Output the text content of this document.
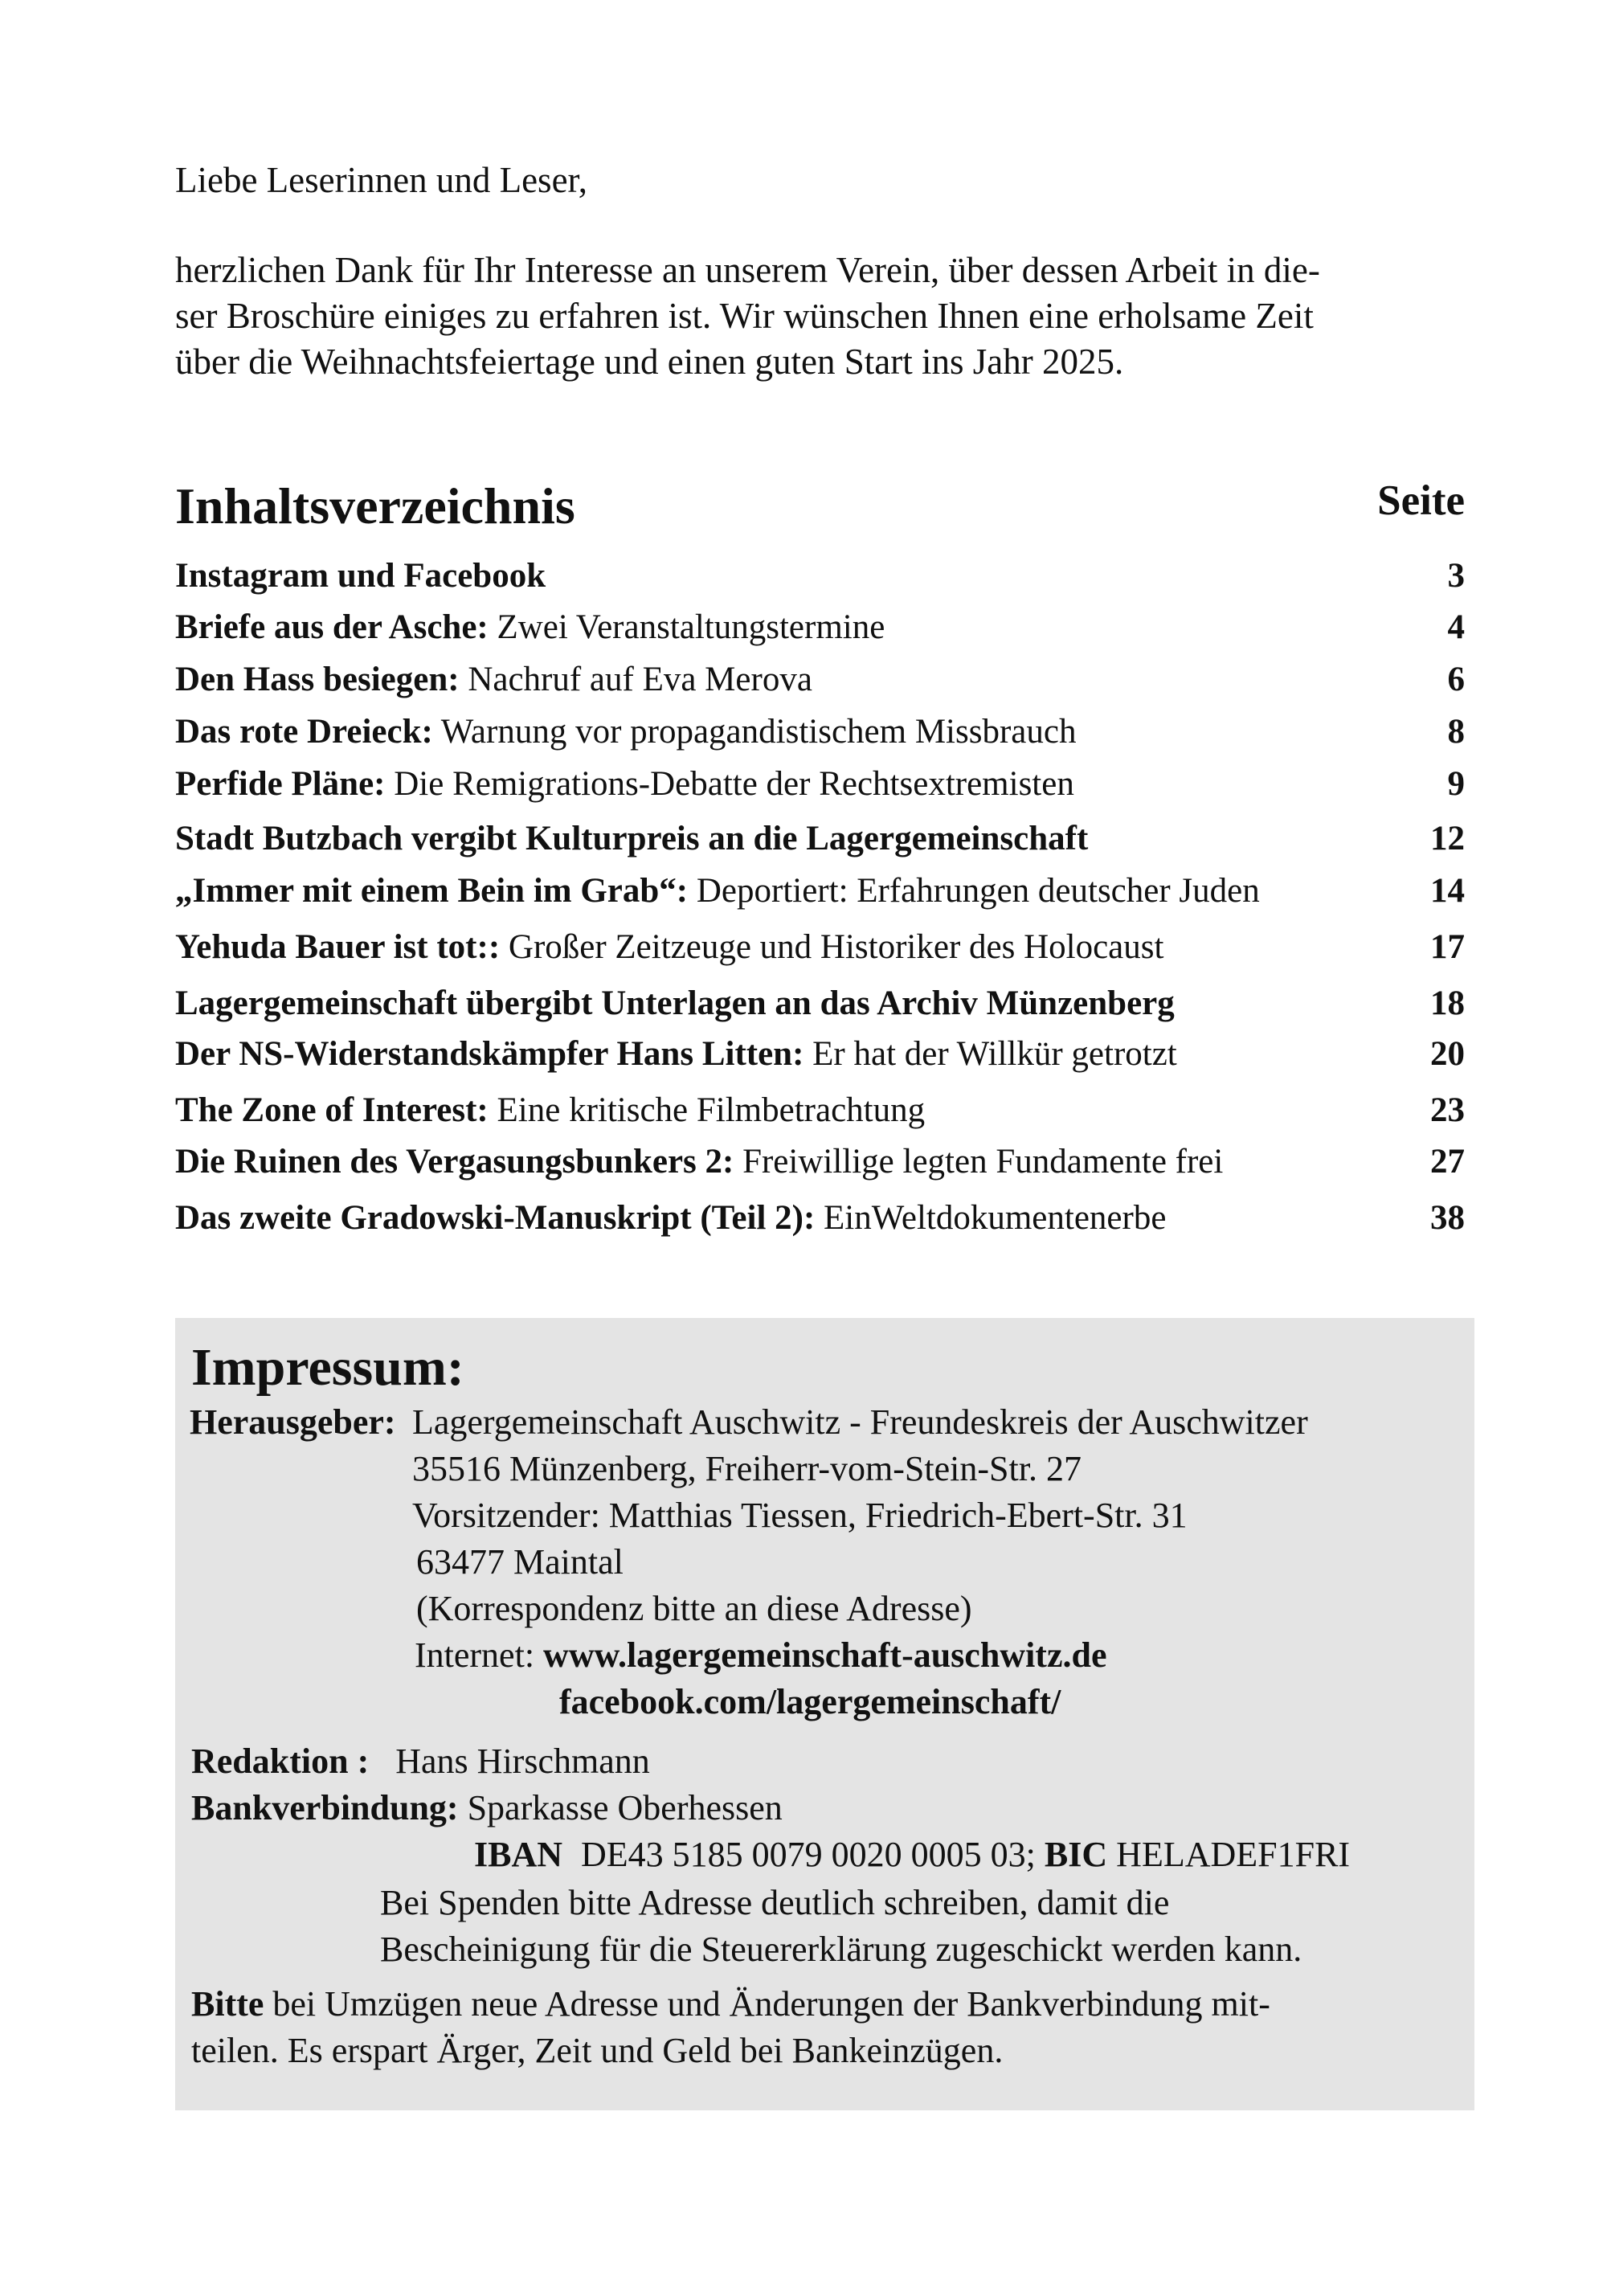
Liebe Leserinnen und Leser,
herzlichen Dank für Ihr Interesse an unserem Verein, über dessen Arbeit in die-
ser Broschüre einiges zu erfahren ist. Wir wünschen Ihnen eine erholsame Zeit
über die Weihnachtsfeiertage und einen guten Start ins Jahr 2025.
Inhaltsverzeichnis	Seite
Instagram und Facebook	3
Briefe aus der Asche: Zwei Veranstaltungstermine	4
Den Hass besiegen: Nachruf auf Eva Merova	6
Das rote Dreieck: Warnung vor propagandistischem Missbrauch	8
Perfide Pläne: Die Remigrations-Debatte der Rechtsextremisten	9
Stadt Butzbach vergibt Kulturpreis an die Lagergemeinschaft	12
„Immer mit einem Bein im Grab“: Deportiert: Erfahrungen deutscher Juden	14
Yehuda Bauer ist tot:: Großer Zeitzeuge und Historiker des Holocaust	17
Lagergemeinschaft übergibt Unterlagen an das Archiv Münzenberg	18
Der NS-Widerstandskämpfer Hans Litten: Er hat der Willkür getrotzt	20
The Zone of Interest: Eine kritische Filmbetrachtung	23
Die Ruinen des Vergasungsbunkers 2: Freiwillige legten Fundamente frei	27
Das zweite Gradowski-Manuskript (Teil 2): EinWeltdokumentenerbe	38
Impressum:
Herausgeber: Lagergemeinschaft Auschwitz - Freundeskreis der Auschwitzer
35516 Münzenberg, Freiherr-vom-Stein-Str. 27
Vorsitzender: Matthias Tiessen, Friedrich-Ebert-Str. 31
63477 Maintal
(Korrespondenz bitte an diese Adresse)
Internet: www.lagergemeinschaft-auschwitz.de
facebook.com/lagergemeinschaft/
Redaktion : Hans Hirschmann
Bankverbindung: Sparkasse Oberhessen
IBAN DE43 5185 0079 0020 0005 03; BIC HELADEF1FRI
Bei Spenden bitte Adresse deutlich schreiben, damit die
Bescheinigung für die Steuererklärung zugeschickt werden kann.
Bitte bei Umzügen neue Adresse und Änderungen der Bankverbindung mit-
teilen. Es erspart Ärger, Zeit und Geld bei Bankeinzügen.
